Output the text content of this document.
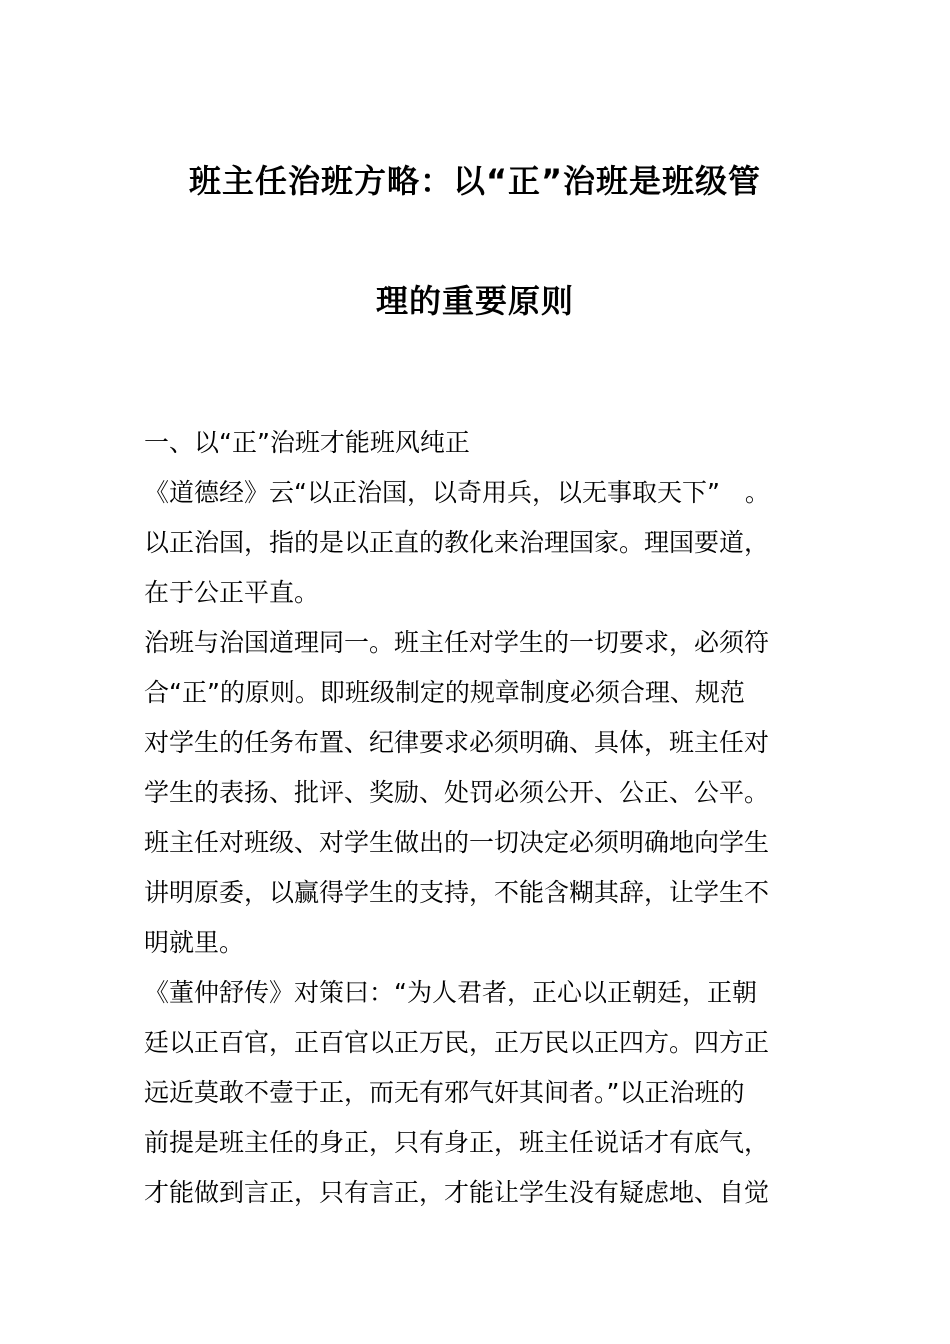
班主任治班方略：以“正”治班是班级管
理的重要原则
一、以“正”治班才能班风纯正
《道德经》云“以正治国，以奇用兵，以无事取天下”　。
以正治国，指的是以正直的教化来治理国家。理国要道，
在于公正平直。
治班与治国道理同一。班主任对学生的一切要求，必须符
合“正”的原则。即班级制定的规章制度必须合理、规范
对学生的任务布置、纪律要求必须明确、具体，班主任对
学生的表扬、批评、奖励、处罚必须公开、公正、公平。
班主任对班级、对学生做出的一切决定必须明确地向学生
讲明原委，以赢得学生的支持，不能含糊其辞，让学生不
明就里。
《董仲舒传》对策曰：“为人君者，正心以正朝廷，正朝
廷以正百官，正百官以正万民，正万民以正四方。四方正
远近莫敢不壹于正，而无有邪气奸其间者。”以正治班的
前提是班主任的身正，只有身正，班主任说话才有底气，
才能做到言正，只有言正，才能让学生没有疑虑地、自觉
